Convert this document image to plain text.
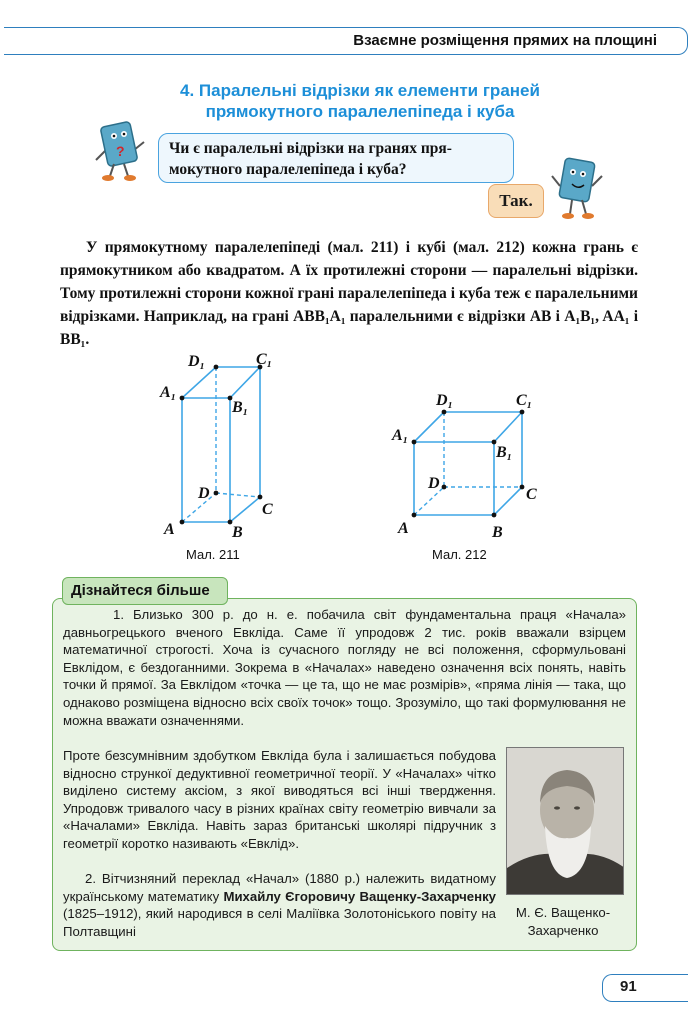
Взаємне розміщення прямих на площині
4. Паралельні відрізки як елементи граней
прямокутного паралелепіпеда і куба
?	Чи є паралельні відрізки на гранях пря-
мокутного паралелепіпеда і куба?
Так.
У прямокутному паралелепіпеді (мал. 211) і кубі (мал. 212) кожна грань є прямокутником або квадратом. А їх протилежні сторони — паралельні відрізки. Тому протилежні сторони кожної грані паралелепіпеда і куба теж є паралельними відрізками. Наприклад, на грані ABB₁A₁ паралельними є відрізки AB і A₁B₁, AA₁ і BB₁.
D₁	C₁
A₁
B₁
D
C
A	B
Мал. 211
D₁	C₁
A₁
B₁
D
C
A	B
Мал. 212
1. Близько 300 р. до н. е. побачила світ фундаментальна праця «Начала» давньогрецького вченого Евкліда. Саме її упродовж 2 тис. років вважали взірцем математичної строгості. Хоча із сучасного погляду не всі положення, сформульовані Евклідом, є бездоганними. Зокрема в «Началах» наведено означення всіх понять, навіть точки й прямої. За Евклідом «точка — це та, що не має розмірів», «пряма лінія — така, що однаково розміщена відносно всіх своїх точок» тощо. Зрозуміло, що такі формулювання не можна вважати означеннями.
Проте безсумнівним здобутком Евкліда була і залишається побудова відносно стрункої дедуктивної геометричної теорії. У «Началах» чітко виділено систему аксіом, з якої виводяться всі інші твердження. Упродовж тривалого часу в різних країнах світу геометрію вивчали за «Началами» Евкліда. Навіть зараз британські школярі підручник з геометрії коротко називають «Евклід».
2. Вітчизняний переклад «Начал» (1880 р.) належить видатному українському математику Михайлу Єгоровичу Ващенку-Захарченку (1825–1912), який народився в селі Маліївка Золотоніського повіту на Полтавщині
Дізнайтеся більше
М. Є. Ващенко-Захарченко
91
